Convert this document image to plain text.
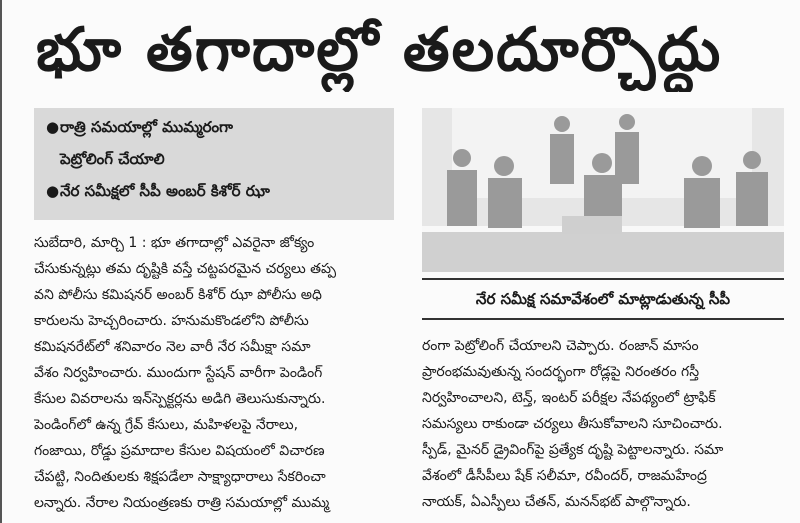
భూ తగాదాల్లో తలదూర్చొద్దు
●రాత్రి సమయాల్లో ముమ్మరంగా
పెట్రోలింగ్ చేయాలి
●నేర సమీక్షలో సీపీ అంబర్ కిశోర్ ఝా
నేర సమీక్ష సమావేశంలో మాట్లాడుతున్న సీపీ
సుబేదారి, మార్చి 1 : భూ తగాదాల్లో ఎవరైనా జోక్యం
చేసుకున్నట్లు తమ దృష్టికి వస్తే చట్టపరమైన చర్యలు తప్ప
వని పోలీసు కమిషనర్ అంబర్ కిశోర్ ఝా పోలీసు అధి
కారులను హెచ్చరించారు. హనుమకొండలోని పోలీసు
కమిషనరేట్‌లో శనివారం నెల వారీ నేర సమీక్షా సమా
వేశం నిర్వహించారు. ముందుగా స్టేషన్ వారీగా పెండింగ్
కేసుల వివరాలను ఇన్‌స్పెక్టర్లను అడిగి తెలుసుకున్నారు.
పెండింగ్‌లో ఉన్న గ్రేవ్ కేసులు, మహిళలపై నేరాలు,
గంజాయి, రోడ్డు ప్రమాదాల కేసుల విషయంలో విచారణ
చేపట్టి, నిందితులకు శిక్షపడేలా సాక్ష్యాధారాలు సేకరించా
లన్నారు. నేరాల నియంత్రణకు రాత్రి సమయాల్లో ముమ్మ
రంగా పెట్రోలింగ్ చేయాలని చెప్పారు. రంజాన్ మాసం
ప్రారంభమవుతున్న సందర్భంగా రోడ్లపై నిరంతరం గస్తీ
నిర్వహించాలని, టెన్త్, ఇంటర్ పరీక్షల నేపథ్యంలో ట్రాఫిక్
సమస్యలు రాకుండా చర్యలు తీసుకోవాలని సూచించారు.
స్పీడ్, మైనర్ డ్రైవింగ్‌పై ప్రత్యేక దృష్టి పెట్టాలన్నారు. సమా
వేశంలో డీసీపీలు షేక్ సలీమా, రవీందర్, రాజమహేంద్ర
నాయక్, ఏఎస్పీలు చేతన్, మనన్‌భట్ పాల్గొన్నారు.
